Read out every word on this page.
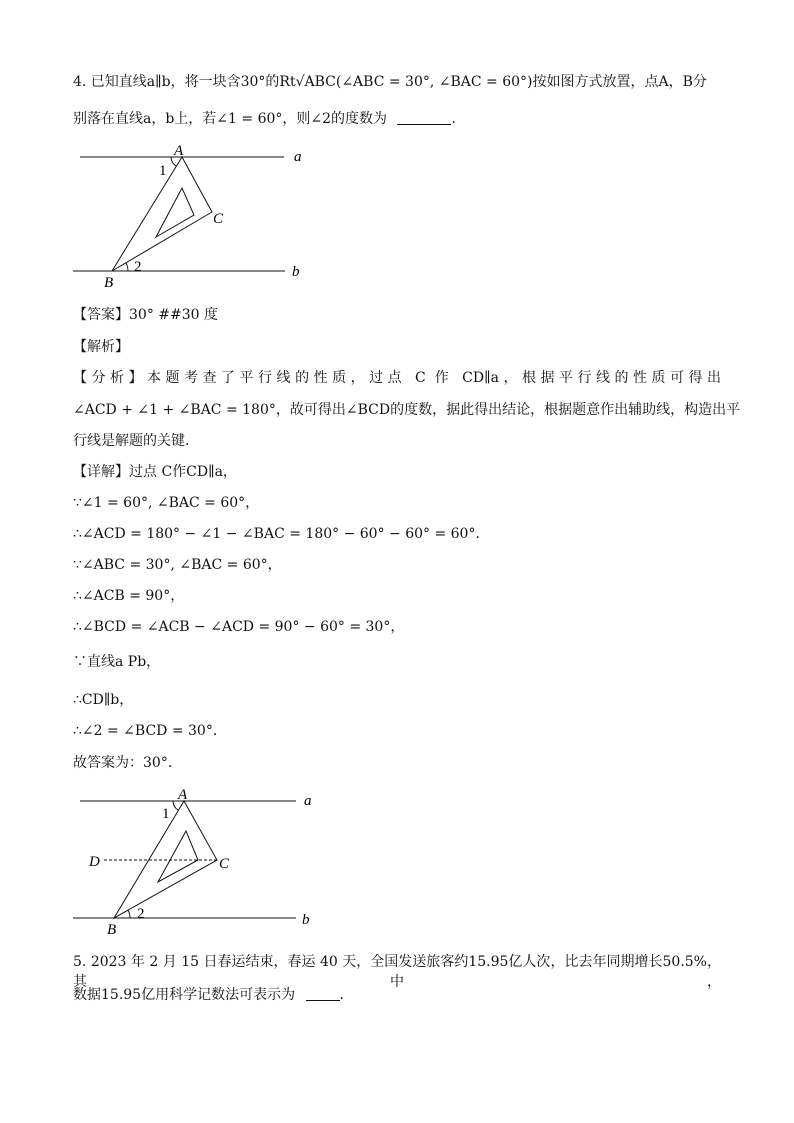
4. 已知直线a∥b，将一块含30°的Rt√ABC(∠ABC = 30°, ∠BAC = 60°)按如图方式放置，点A，B分
别落在直线a，b上，若∠1 = 60°，则∠2的度数为	．
A
1
C
2
B
a
b
【答案】30° ##30 度
【解析】
【分析】本题考查了平行线的性质，过点 C 作 CD∥a，根据平行线的性质可得出
∠ACD + ∠1 + ∠BAC = 180°，故可得出∠BCD的度数，据此得出结论，根据题意作出辅助线，构造出平
行线是解题的关键．
【详解】过点 C作CD∥a，
∵∠1 = 60°, ∠BAC = 60°，
∴∠ACD = 180° − ∠1 − ∠BAC = 180° − 60° − 60° = 60°．
∵∠ABC = 30°, ∠BAC = 60°，
∴∠ACB = 90°，
∴∠BCD = ∠ACB − ∠ACD = 90° − 60° = 30°，
∵直线a Pb，
∴CD∥b，
∴∠2 = ∠BCD = 30°．
故答案为：30°．
A
1
D	C
2
B
a
b
5. 2023 年 2 月 15 日春运结束，春运 40 天，全国发送旅客约15.95亿人次，比去年同期增长50.5%，其中，
数据15.95亿用科学记数法可表示为	．
